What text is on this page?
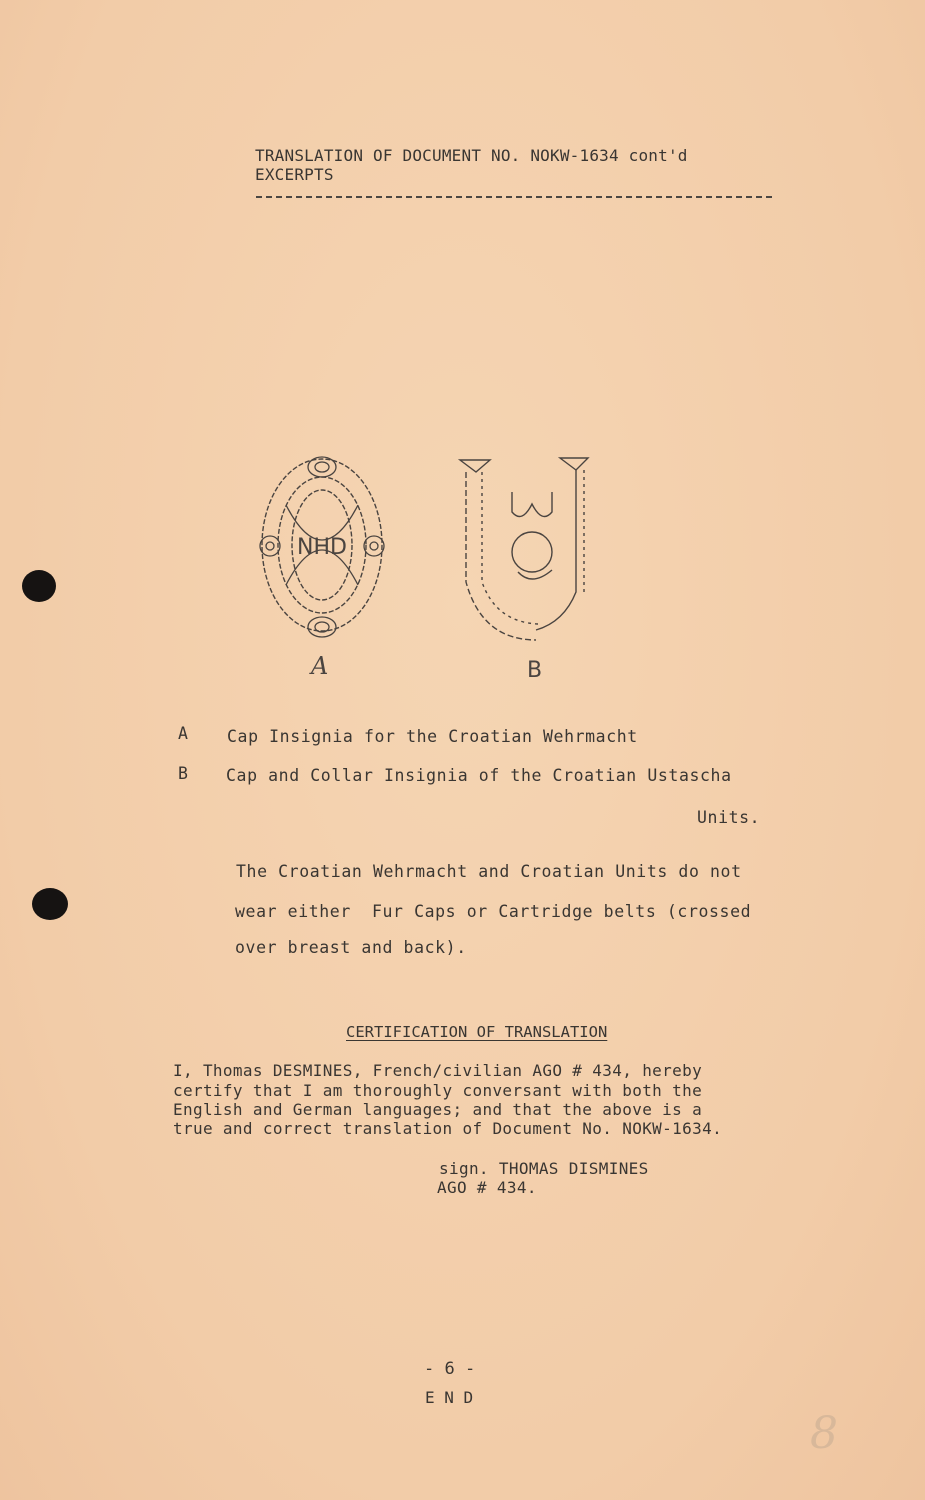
TRANSLATION OF DOCUMENT NO. NOKW-1634 cont'd
EXCERPTS
NHD
A	B
A Cap Insignia for the Croatian Wehrmacht
B Cap and Collar Insignia of the Croatian Ustascha
Units.
The Croatian Wehrmacht and Croatian Units do not
wear either  Fur Caps or Cartridge belts (crossed
over breast and back).
CERTIFICATION OF TRANSLATION
I, Thomas DESMINES, French/civilian AGO # 434, hereby
certify that I am thoroughly conversant with both the
English and German languages; and that the above is a
true and correct translation of Document No. NOKW-1634.
sign. THOMAS DISMINES
AGO # 434.
- 6 -
E N D
8
